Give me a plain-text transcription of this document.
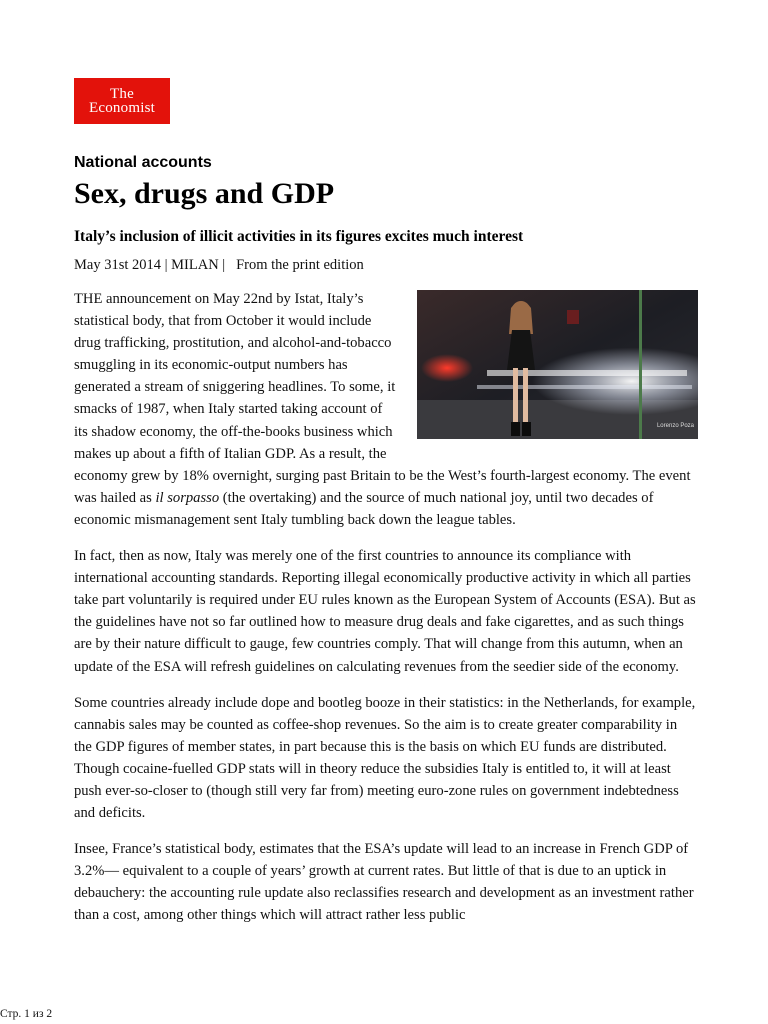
The
Economist
National accounts
Sex, drugs and GDP

Italy’s inclusion of illicit activities in its figures excites much interest

May 31st 2014 | MILAN |   From the print edition
Lorenzo Poza

THE announcement on May 22nd by Istat, Italy’s statistical body, that from October it would include drug trafficking, prostitution, and alcohol-and-tobacco smuggling in its economic-output numbers has generated a stream of sniggering headlines. To some, it smacks of 1987, when Italy started taking account of its shadow economy, the off-the-books business which makes up about a fifth of Italian GDP. As a result, the economy grew by 18% overnight, surging past Britain to be the West’s fourth-largest economy. The event was hailed as il sorpasso (the overtaking) and the source of much national joy, until two decades of economic mismanagement sent Italy tumbling back down the league tables.

In fact, then as now, Italy was merely one of the first countries to announce its compliance with international accounting standards. Reporting illegal economically productive activity in which all parties take part voluntarily is required under EU rules known as the European System of Accounts (ESA). But as the guidelines have not so far outlined how to measure drug deals and fake cigarettes, and as such things are by their nature difficult to gauge, few countries comply. That will change from this autumn, when an update of the ESA will refresh guidelines on calculating revenues from the seedier side of the economy.

Some countries already include dope and bootleg booze in their statistics: in the Netherlands, for example, cannabis sales may be counted as coffee-shop revenues. So the aim is to create greater comparability in the GDP figures of member states, in part because this is the basis on which EU funds are distributed. Though cocaine-fuelled GDP stats will in theory reduce the subsidies Italy is entitled to, it will at least push ever-so-closer to (though still very far from) meeting euro-zone rules on government indebtedness and deficits.

Insee, France’s statistical body, estimates that the ESA’s update will lead to an increase in French GDP of 3.2%— equivalent to a couple of years’ growth at current rates. But little of that is due to an uptick in debauchery: the accounting rule update also reclassifies research and development as an investment rather than a cost, among other things which will attract rather less public

Стр. 1 из 2
